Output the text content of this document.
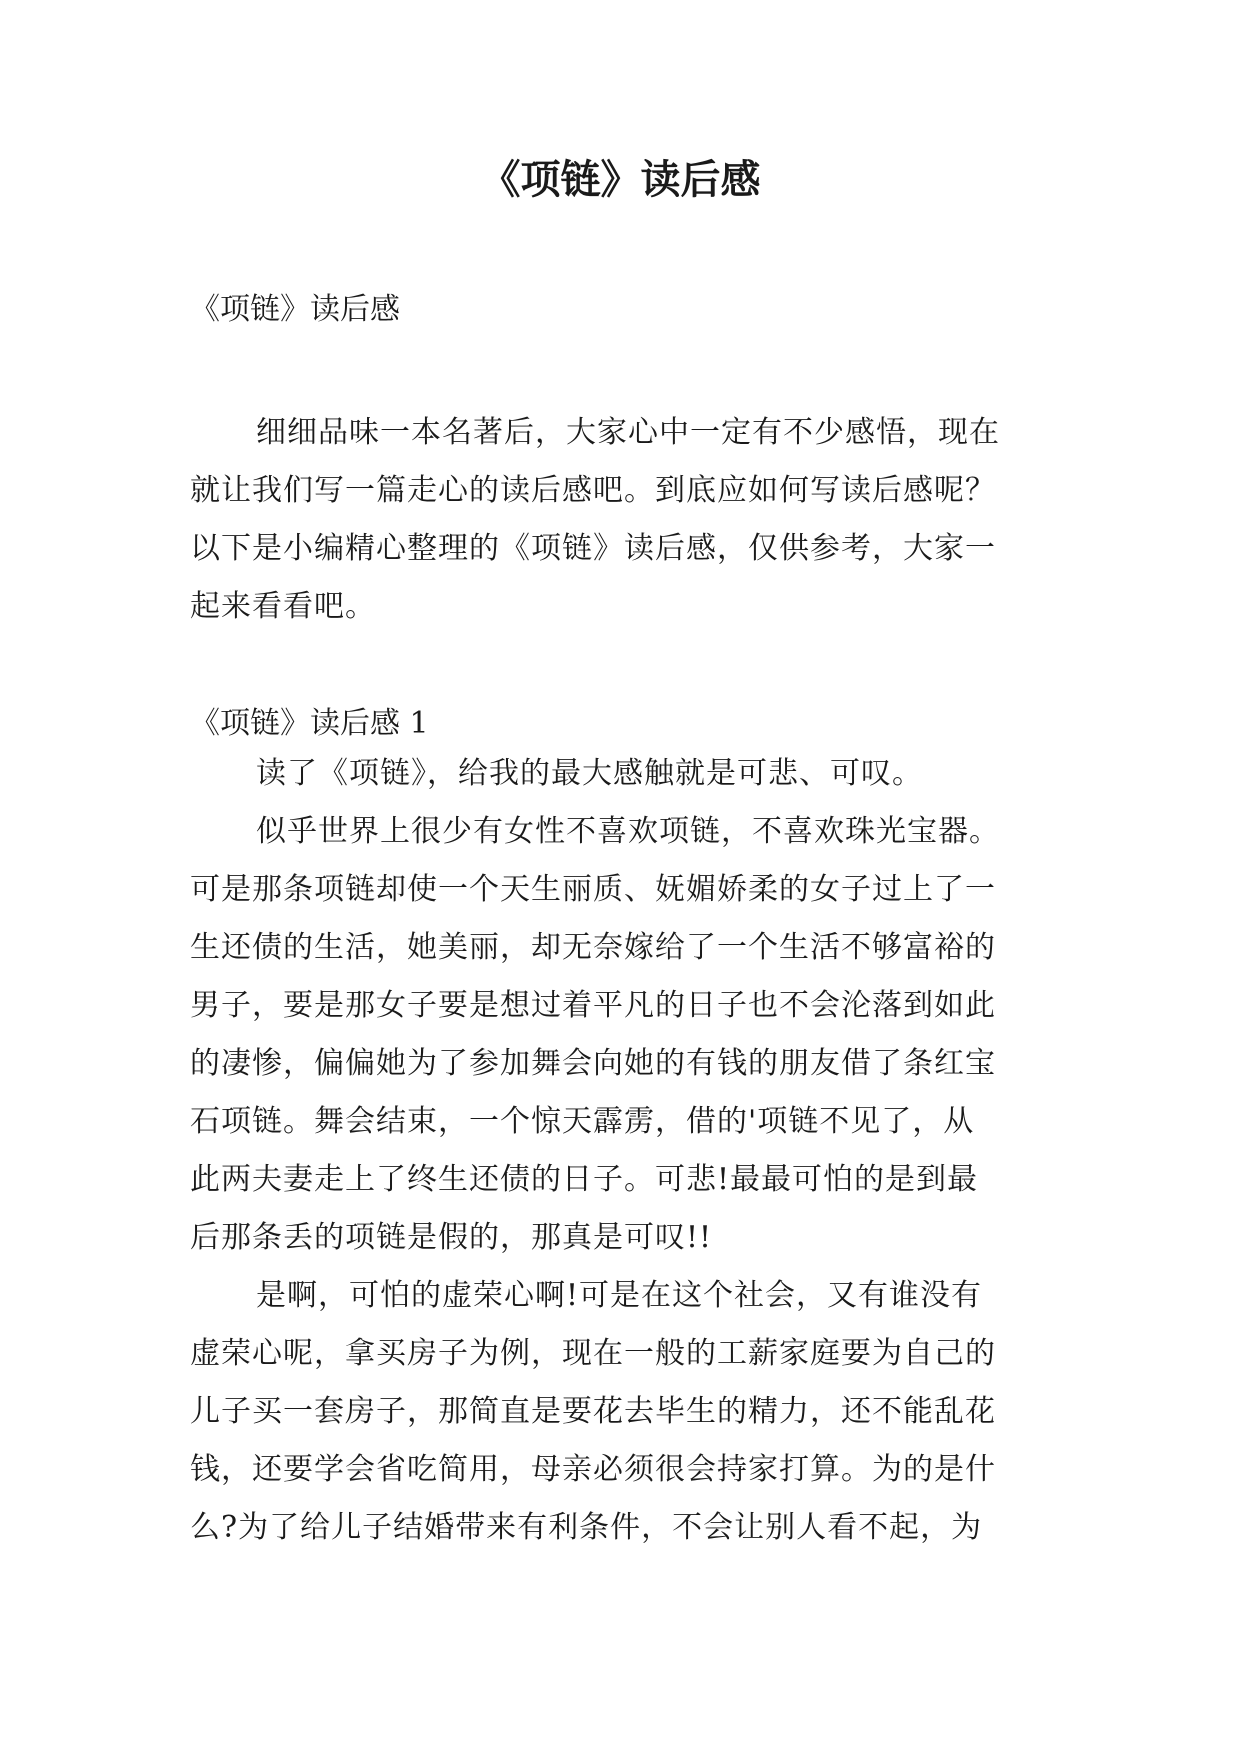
《项链》读后感

《项链》读后感

细细品味一本名著后，大家心中一定有不少感悟，现在
就让我们写一篇走心的读后感吧。到底应如何写读后感呢？
以下是小编精心整理的《项链》读后感，仅供参考，大家一
起来看看吧。

《项链》读后感 1

读了《项链》，给我的最大感触就是可悲、可叹。
似乎世界上很少有女性不喜欢项链，不喜欢珠光宝器。
可是那条项链却使一个天生丽质、妩媚娇柔的女子过上了一
生还债的生活，她美丽，却无奈嫁给了一个生活不够富裕的
男子，要是那女子要是想过着平凡的日子也不会沦落到如此
的凄惨，偏偏她为了参加舞会向她的有钱的朋友借了条红宝
石项链。舞会结束，一个惊天霹雳，借的'项链不见了，从
此两夫妻走上了终生还债的日子。可悲!最最可怕的是到最
后那条丢的项链是假的，那真是可叹!!
是啊，可怕的虚荣心啊!可是在这个社会，又有谁没有
虚荣心呢，拿买房子为例，现在一般的工薪家庭要为自己的
儿子买一套房子，那简直是要花去毕生的精力，还不能乱花
钱，还要学会省吃简用，母亲必须很会持家打算。为的是什
么?为了给儿子结婚带来有利条件，不会让别人看不起，为
